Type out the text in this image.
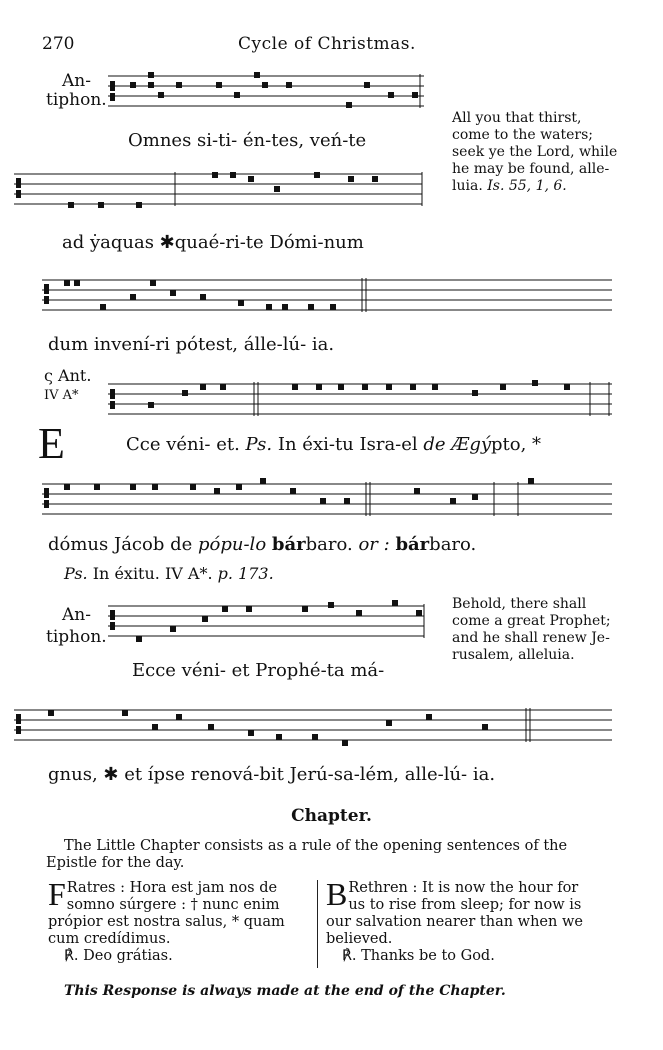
270	Cycle of Christmas.
An-
tiphon.
Omnes si-ti- én-tes, veń-te
ad ẏaquas ✱quaé-ri-te Dómi-num
All you that thirst,
come to the waters;
seek ye the Lord, while
he may be found, alle-
luia. Is. 55, 1, 6.
dum invení-ri pótest, álle-lú- ia.
ς Ant.
IV A*
E	Cce véni- et. Ps. In éxi-tu Isra-el de Ægýpto, *
dómus Jácob de pópu-lo bárbaro. or : bárbaro.
Ps. In éxitu. IV A*. p. 173.
An-
tiphon.
Ecce véni- et Prophé-ta má-
Behold, there shall
come a great Prophet;
and he shall renew Je-
rusalem, alleluia.
gnus, ✱ et ípse renová-bit Jerú-sa-lém, alle-lú- ia.
Chapter.
The Little Chapter consists as a rule of the opening sentences of the
Epistle for the day.
F Ratres : Hora est jam nos de
somno súrgere : † nunc enim
própior est nostra salus, * quam
cum credídimus.
℟. Deo grátias.
B Rethren : It is now the hour for
us to rise from sleep; for now is
our salvation nearer than when we
believed.
℟. Thanks be to God.
This Response is always made at the end of the Chapter.
